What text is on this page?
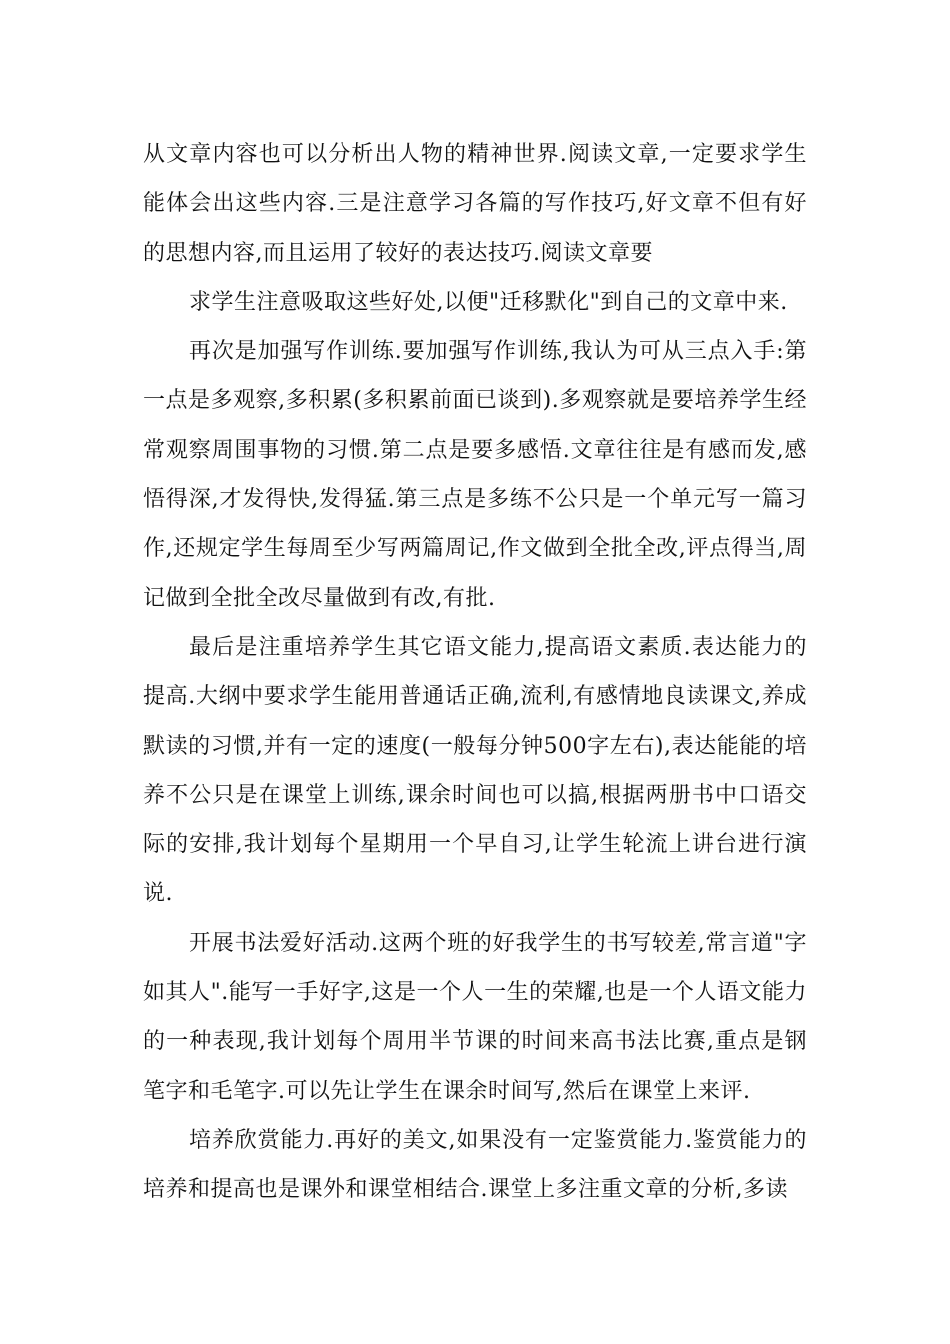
从文章内容也可以分析出人物的精神世界.阅读文章,一定要求学生能体会出这些内容.三是注意学习各篇的写作技巧,好文章不但有好的思想内容,而且运用了较好的表达技巧.阅读文章要

求学生注意吸取这些好处,以便"迁移默化"到自己的文章中来.

再次是加强写作训练.要加强写作训练,我认为可从三点入手:第一点是多观察,多积累(多积累前面已谈到).多观察就是要培养学生经常观察周围事物的习惯.第二点是要多感悟.文章往往是有感而发,感悟得深,才发得快,发得猛.第三点是多练不公只是一个单元写一篇习作,还规定学生每周至少写两篇周记,作文做到全批全改,评点得当,周记做到全批全改尽量做到有改,有批.

最后是注重培养学生其它语文能力,提高语文素质.表达能力的提高.大纲中要求学生能用普通话正确,流利,有感情地良读课文,养成默读的习惯,并有一定的速度(一般每分钟500字左右),表达能能的培养不公只是在课堂上训练,课余时间也可以搞,根据两册书中口语交际的安排,我计划每个星期用一个早自习,让学生轮流上讲台进行演说.

开展书法爱好活动.这两个班的好我学生的书写较差,常言道"字如其人".能写一手好字,这是一个人一生的荣耀,也是一个人语文能力的一种表现,我计划每个周用半节课的时间来高书法比赛,重点是钢笔字和毛笔字.可以先让学生在课余时间写,然后在课堂上来评.

培养欣赏能力.再好的美文,如果没有一定鉴赏能力.鉴赏能力的培养和提高也是课外和课堂相结合.课堂上多注重文章的分析,多读
